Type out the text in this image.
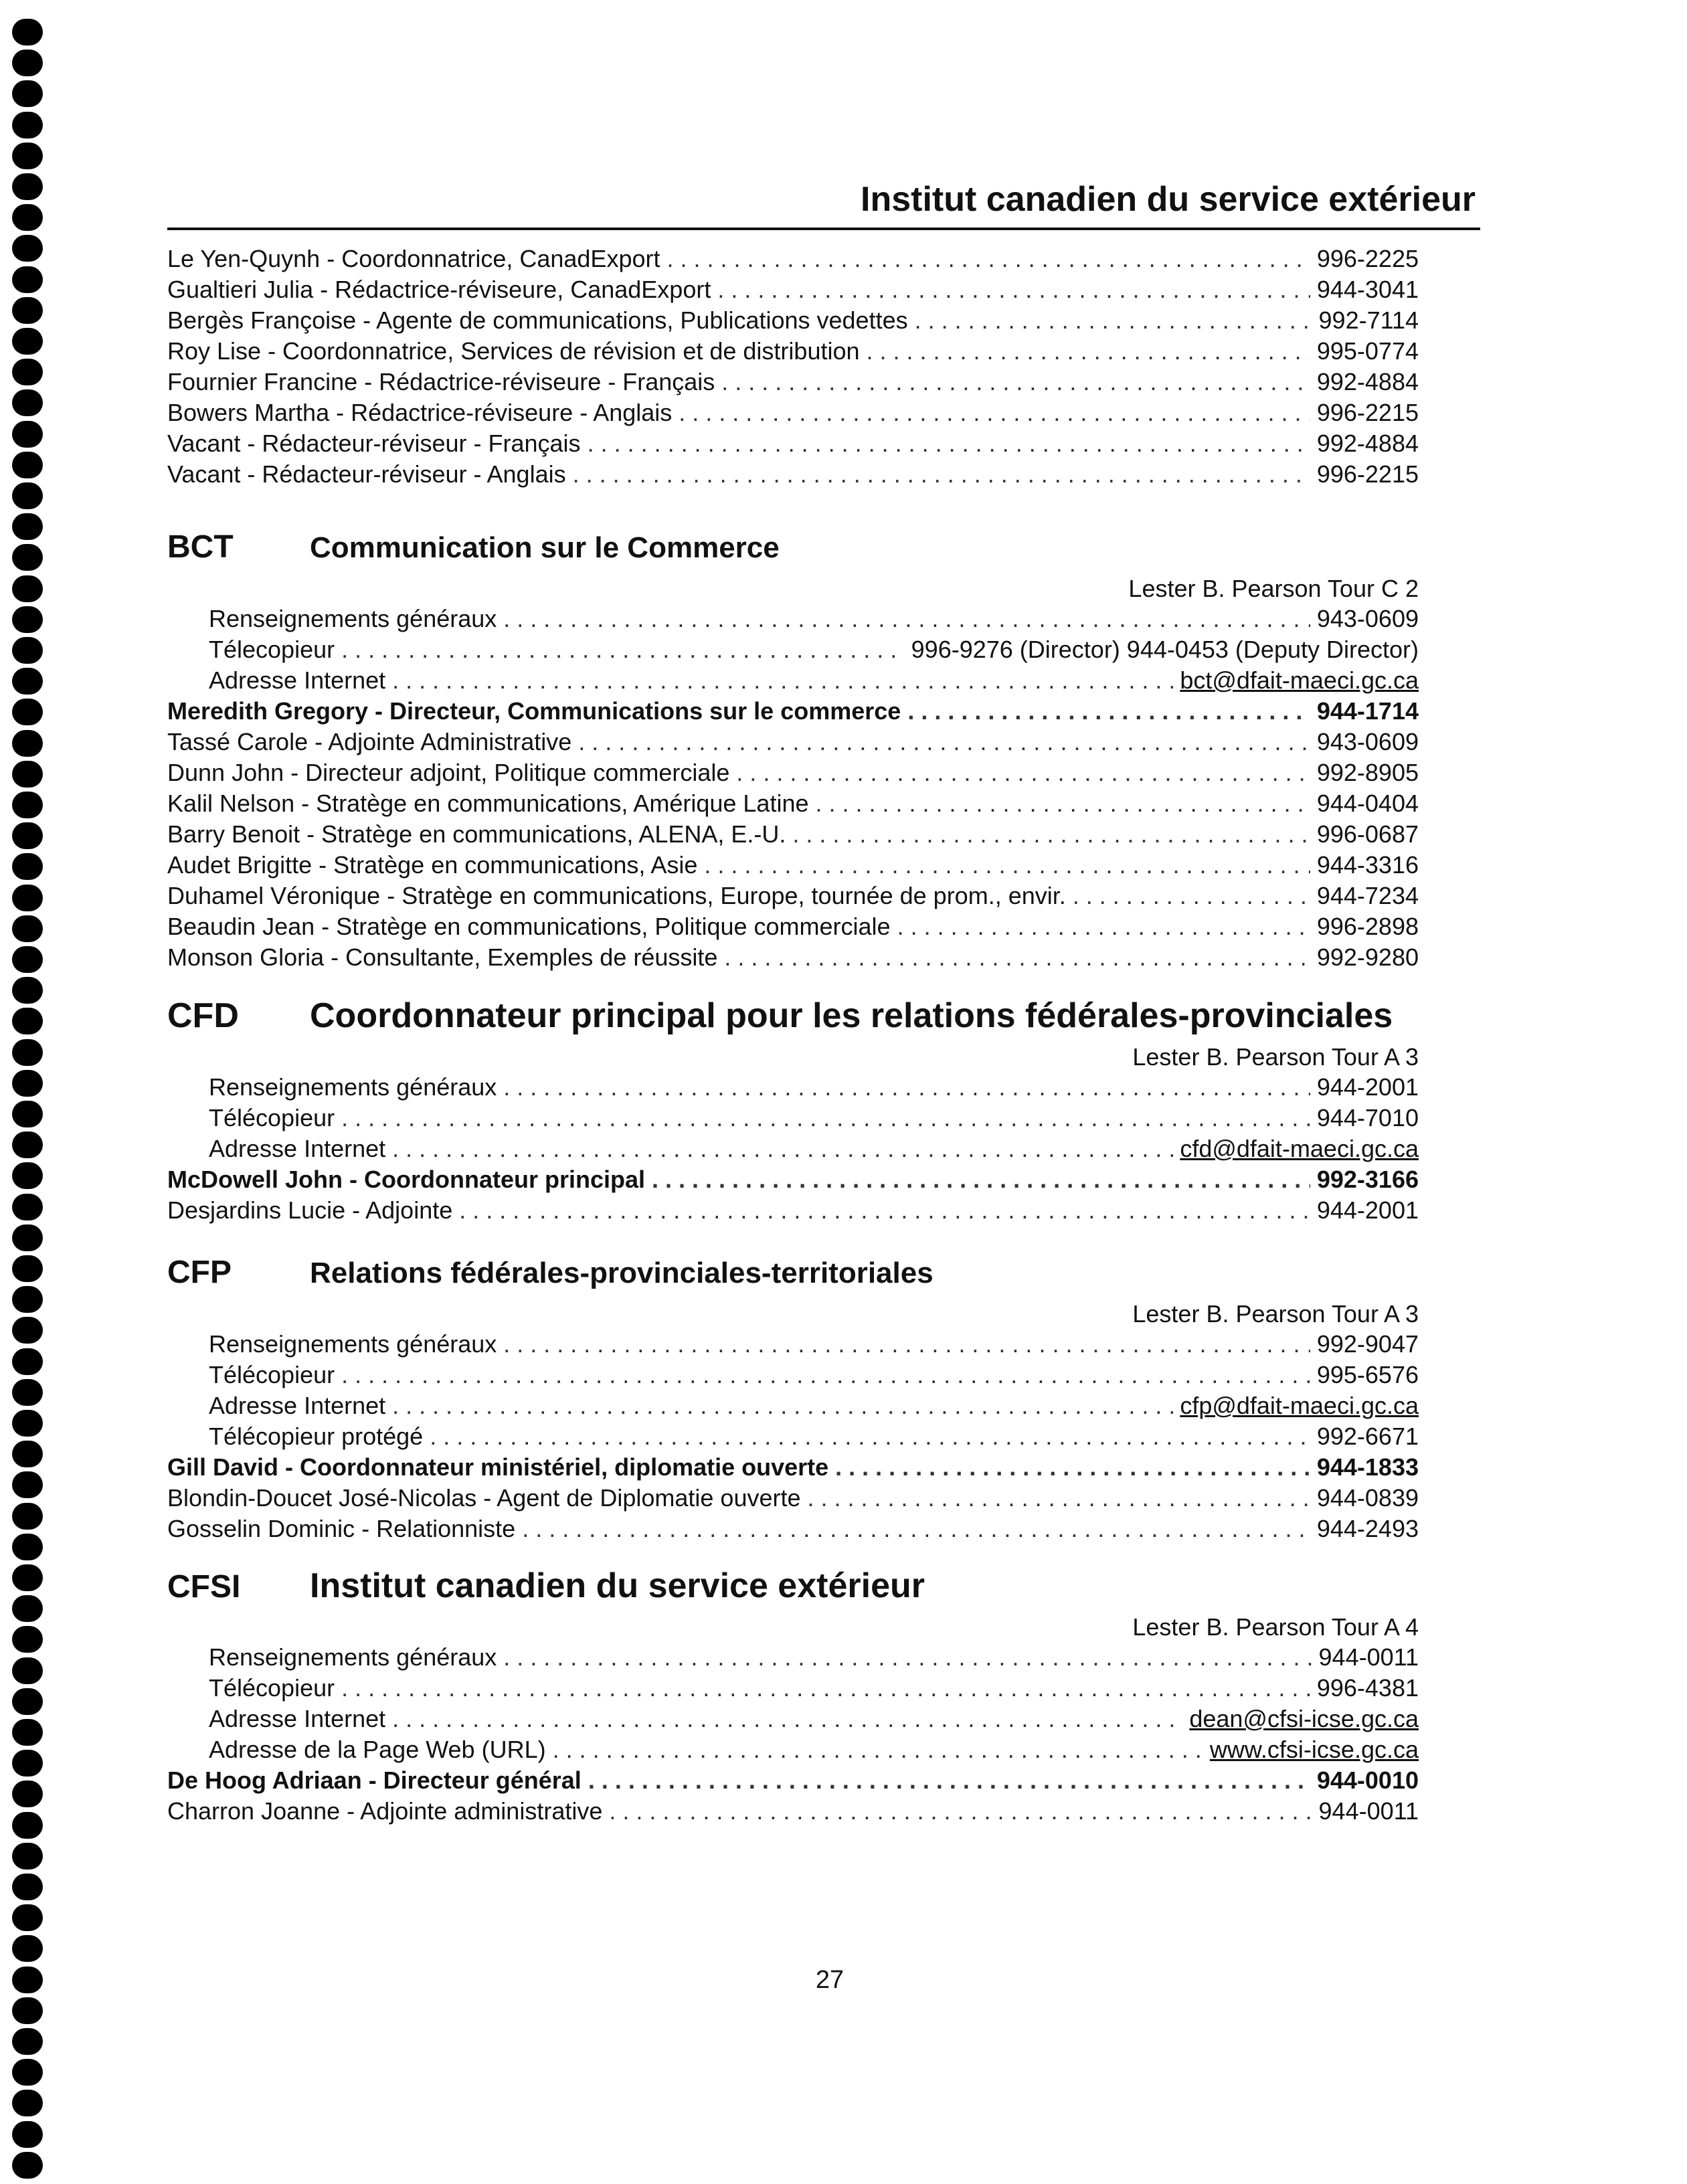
Institut canadien du service extérieur
Le Yen-Quynh - Coordonnatrice, CanadExport . . .	996-2225
Gualtieri Julia - Rédactrice-réviseure, CanadExport . . .	944-3041
Bergès Françoise - Agente de communications, Publications vedettes . . .	992-7114
Roy Lise - Coordonnatrice, Services de révision et de distribution . . .	995-0774
Fournier Francine - Rédactrice-réviseure - Français . . .	992-4884
Bowers Martha - Rédactrice-réviseure - Anglais . . .	996-2215
Vacant - Rédacteur-réviseur - Français . . .	992-4884
Vacant - Rédacteur-réviseur - Anglais . . .	996-2215
BCT	Communication sur le Commerce
Lester B. Pearson Tour C 2
Renseignements généraux . . .	943-0609
Télecopieur . . .	996-9276 (Director) 944-0453 (Deputy Director)
Adresse Internet . . .	bct@dfait-maeci.gc.ca
Meredith Gregory - Directeur, Communications sur le commerce . . .	944-1714
Tassé Carole - Adjointe Administrative . . .	943-0609
Dunn John - Directeur adjoint, Politique commerciale . . .	992-8905
Kalil Nelson - Stratège en communications, Amérique Latine . . .	944-0404
Barry Benoit - Stratège en communications, ALENA, E.-U. . . .	996-0687
Audet Brigitte - Stratège en communications, Asie . . .	944-3316
Duhamel Véronique - Stratège en communications, Europe, tournée de prom., envir. . . .	944-7234
Beaudin Jean - Stratège en communications, Politique commerciale . . .	996-2898
Monson Gloria - Consultante, Exemples de réussite . . .	992-9280
CFD	Coordonnateur principal pour les relations fédérales-provinciales
Lester B. Pearson Tour A 3
Renseignements généraux . . .	944-2001
Télécopieur . . .	944-7010
Adresse Internet . . .	cfd@dfait-maeci.gc.ca
McDowell John - Coordonnateur principal . . .	992-3166
Desjardins Lucie - Adjointe . . .	944-2001
CFP	Relations fédérales-provinciales-territoriales
Lester B. Pearson Tour A 3
Renseignements généraux . . .	992-9047
Télécopieur . . .	995-6576
Adresse Internet . . .	cfp@dfait-maeci.gc.ca
Télécopieur protégé . . .	992-6671
Gill David - Coordonnateur ministériel, diplomatie ouverte . . .	944-1833
Blondin-Doucet José-Nicolas - Agent de Diplomatie ouverte . . .	944-0839
Gosselin Dominic - Relationniste . . .	944-2493
CFSI	Institut canadien du service extérieur
Lester B. Pearson Tour A 4
Renseignements généraux . . .	944-0011
Télécopieur . . .	996-4381
Adresse Internet . . .	dean@cfsi-icse.gc.ca
Adresse de la Page Web (URL) . . .	www.cfsi-icse.gc.ca
De Hoog Adriaan - Directeur général . . .	944-0010
Charron Joanne - Adjointe administrative . . .	944-0011
27
